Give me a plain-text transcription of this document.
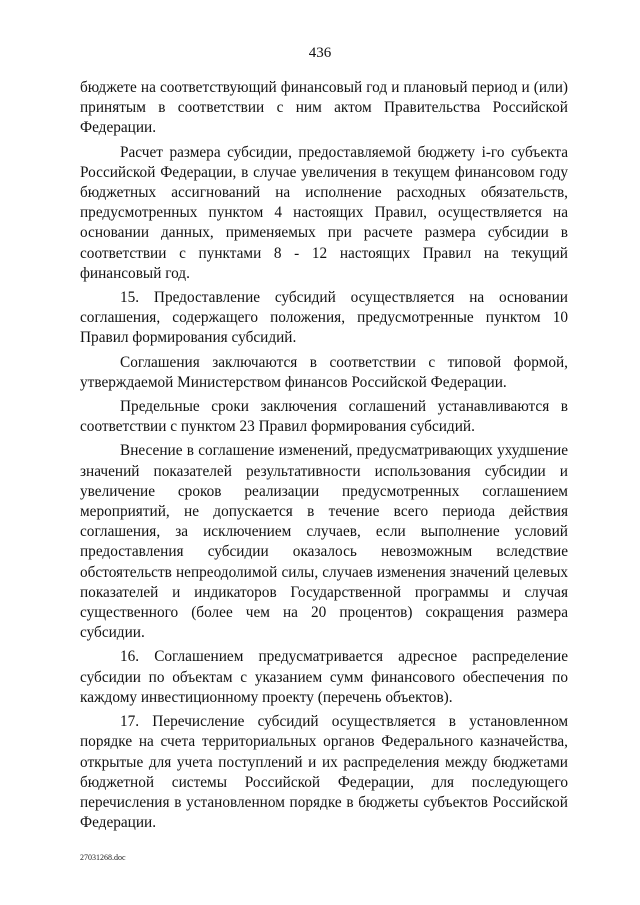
436

бюджете на соответствующий финансовый год и плановый период и (или) принятым в соответствии с ним актом Правительства Российской Федерации.

Расчет размера субсидии, предоставляемой бюджету i-го субъекта Российской Федерации, в случае увеличения в текущем финансовом году бюджетных ассигнований на исполнение расходных обязательств, предусмотренных пунктом 4 настоящих Правил, осуществляется на основании данных, применяемых при расчете размера субсидии в соответствии с пунктами 8 - 12 настоящих Правил на текущий финансовый год.

15. Предоставление субсидий осуществляется на основании соглашения, содержащего положения, предусмотренные пунктом 10 Правил формирования субсидий.

Соглашения заключаются в соответствии с типовой формой, утверждаемой Министерством финансов Российской Федерации.

Предельные сроки заключения соглашений устанавливаются в соответствии с пунктом 23 Правил формирования субсидий.

Внесение в соглашение изменений, предусматривающих ухудшение значений показателей результативности использования субсидии и увеличение сроков реализации предусмотренных соглашением мероприятий, не допускается в течение всего периода действия соглашения, за исключением случаев, если выполнение условий предоставления субсидии оказалось невозможным вследствие обстоятельств непреодолимой силы, случаев изменения значений целевых показателей и индикаторов Государственной программы и случая существенного (более чем на 20 процентов) сокращения размера субсидии.

16. Соглашением предусматривается адресное распределение субсидии по объектам с указанием сумм финансового обеспечения по каждому инвестиционному проекту (перечень объектов).

17. Перечисление субсидий осуществляется в установленном порядке на счета территориальных органов Федерального казначейства, открытые для учета поступлений и их распределения между бюджетами бюджетной системы Российской Федерации, для последующего перечисления в установленном порядке в бюджеты субъектов Российской Федерации.

27031268.doc
